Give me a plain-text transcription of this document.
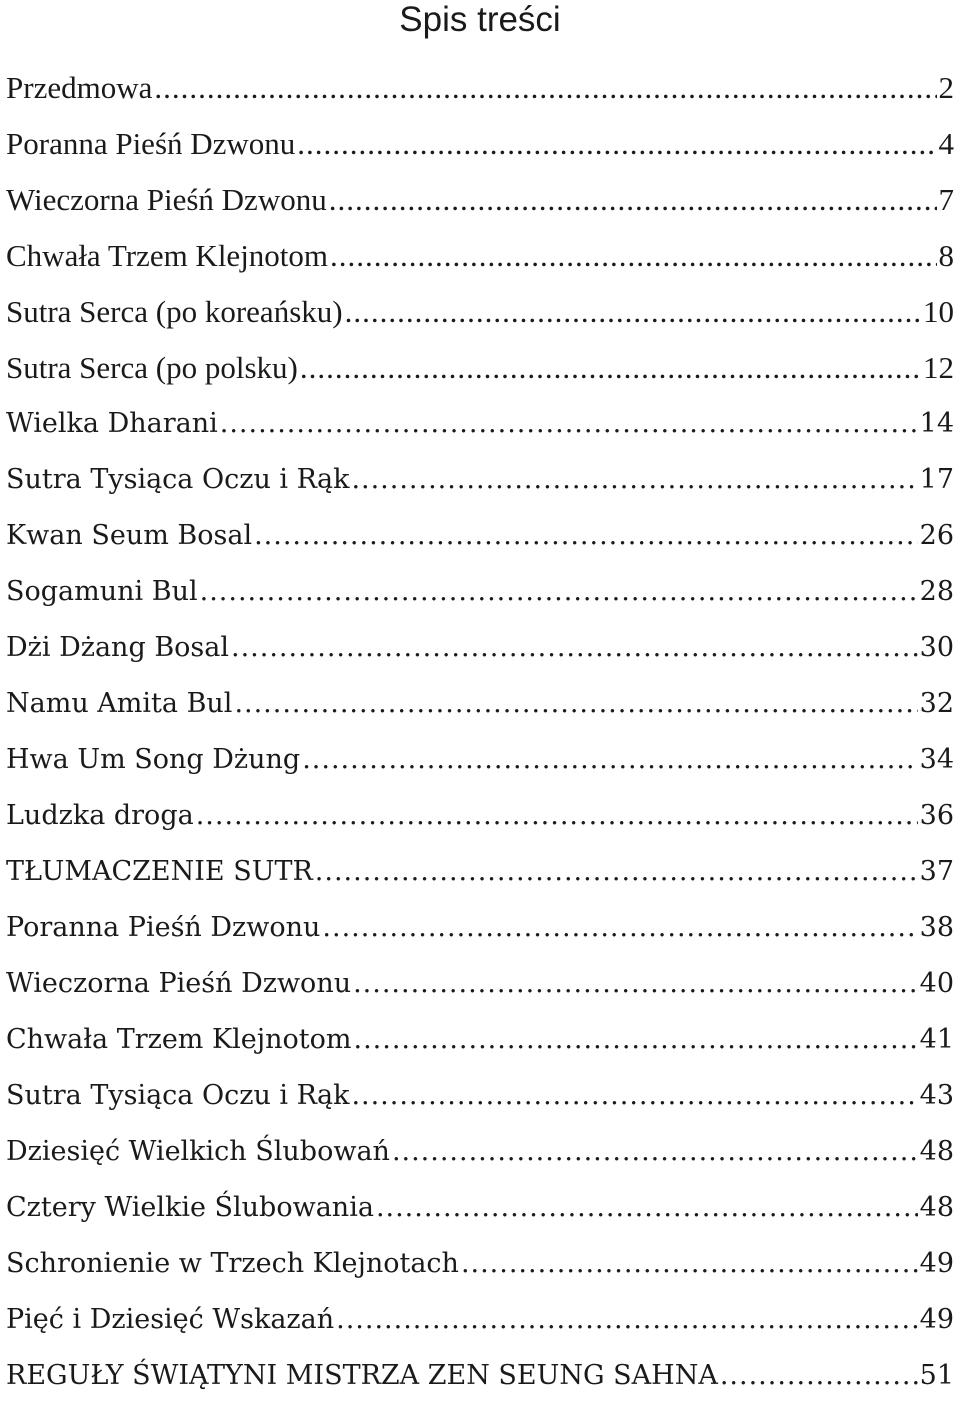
Spis treści
Przedmowa .....	2
Poranna Pieśń Dzwonu .....	4
Wieczorna Pieśń Dzwonu .....	7
Chwała Trzem Klejnotom .....	8
Sutra Serca (po koreańsku) .....	10
Sutra Serca (po polsku) .....	12
Wielka Dharani .....	14
Sutra Tysiąca Oczu i Rąk .....	17
Kwan Seum Bosal .....	26
Sogamuni Bul .....	28
Dżi Dżang Bosal .....	30
Namu Amita Bul .....	32
Hwa Um Song Dżung .....	34
Ludzka droga .....	36
TŁUMACZENIE SUTR .....	37
Poranna Pieśń Dzwonu .....	38
Wieczorna Pieśń Dzwonu .....	40
Chwała Trzem Klejnotom .....	41
Sutra Tysiąca Oczu i Rąk .....	43
Dziesięć Wielkich Ślubowań .....	48
Cztery Wielkie Ślubowania .....	48
Schronienie w Trzech Klejnotach .....	49
Pięć i Dziesięć Wskazań .....	49
REGUŁY ŚWIĄTYNI MISTRZA ZEN SEUNG SAHNA .....	51
